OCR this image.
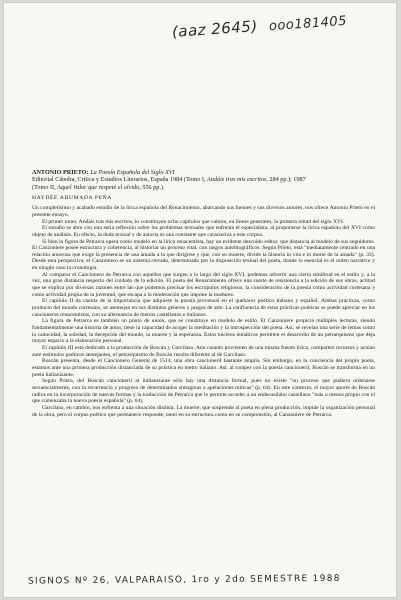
(aaz 2645) ooo181405

ANTONIO PRIETO: La Poesía Española del Siglo XVI
Editorial Cátedra, Crítica y Estudios Literarios, España 1984 (Tomo I, Andáis tras mis escritos, 284 pp.); 1987
(Tomo II, Aquel Valor que respeté el olvido, 556 pp.).

HAYDÉE AHUMADA PEÑA

Un completísimo y acabado estudio de la lírica española del Renacimiento, abarcando sus fuentes y sus diversos autores, nos ofrece Antonio Prieto en el presente ensayo.

El primer tomo, Andáis tras mis escritos, lo constituyen ocho capítulos que cubren, en líneas generales, la primera mitad del siglo XVI.

El estudio se abre con una seria reflexión sobre los problemas textuales que enfrenta el especialista, al proponerse la lírica española del XVI como objeto de análisis. En efecto, la duda textual y de autoría es una constante que caracteriza a este corpus.

Si bien la figura de Petrarca opera como modelo en la lírica renacentista, hay un evidente descuido editor, que distancia al modelo de sus seguidores. El Canzoniere posee estructura y coherencia, al historiar un proceso vital, con rasgos autobiográficos. Según Prieto, está "mediatamente centrado en una relación amorosa que exige la presencia de una amada a la que dirigirse y que, con su muerte, divide la historia in vita e in morte de la amada" (p. 33). Desde esta perspectiva, el Canzoniero es un sistema cerrado, determinado por la disposición textual del poeta, donde lo esencial es el orden narrativo y en ningún caso la cronología.

Al comparar el Cancionero de Petrarca con aquellos que surgen a lo largo del siglo XVI, podemos advertir una cierta similitud en el estilo y, a la vez, una gran distancia respecto del cuidado de la edición. El poeta del Renacimiento ofrece una suerte de resistencia a la edición de sus obras, actitud que se explica por diversas razones entre las que podemos precisar los escrúpulos religiosos, la consideración de la poesía como actividad cortesana y como actividad propia de la juventud, que escapa a la moderación que impone la madurez.

El capítulo II da cuenta de la importancia que adquiere la poesía provenzal en el quehacer poético italiano y español. Ambas prácticas, como producto del mundo cortesano, se asemejan en sus distintos géneros y juegos de arte. La confluencia de estas prácticas poéticas se puede apreciar en los cancioneros renacentistas, con su alternancia de metros castellanos e italianos.

La figura de Petrarca es también un punto de unión, que se constituye en modelo de estilo. El Canzoniere propicia múltiples lecturas, siendo fundamentalmente una historia de amor, tiene la capacidad de acoger la meditación y la introspección del poeta. Así, se revelan una serie de temas como la caducidad, la soledad, la decepción del mundo, la muerte y la esperanza. Estos núcleos temáticos permiten el desarrollo de un petrarquismo que deja mayor espacio a la elaboración personal.

El capítulo III está dedicado a la producción de Boscán y Garcilaso. Aún cuando provienen de una misma fuente lírica, comparten recursos y actúan ante estímulos poéticos semejantes, el petrarquismo de Boscán resulta diferente al de Garcilaso.

Boscán presenta, desde el Cancionero General de 1514, una obra cancioneril bastante amplia. Sin embargo, en la conciencia del propio poeta, estamos ante una primera producción distanciada de su práctica en metro italiano. Así, al romper con la poesía cancioneril, Boscán se transforma en un poeta italianizante.

Según Prieto, del Boscán cancioneril al italianizante sólo hay una distancia formal, pues no existe "un proceso que pudiera ordenarse secuencialmente, con la recurrencia y progreso de determinados sintagmas o apelaciones míticas" (p. 64). En este contexto, el mayor aporte de Boscán radica en la incorporación de nuevas formas y la traducción de Petrarca que le permite acceder a un endecasílabo castellano "más o menos propio con el que comenzaba la nueva poesía española" (p. 64).

Garcilaso, en cambio, nos enfrenta a una situación distinta. La muerte, que sorprende al poeta en plena producción, impide la organización personal de la obra, pero el corpus poético que permanece responde, tanto en su estructura como en su comprensión, al Canzoniere de Petrarca.

SIGNOS Nº 26, VALPARAISO, 1ro y 2do SEMESTRE 1988
